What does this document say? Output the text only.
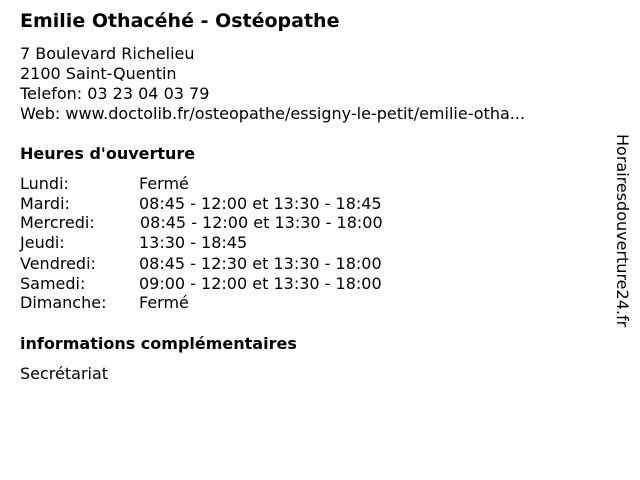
Emilie Othacéhé - Ostéopathe
7 Boulevard Richelieu
2100 Saint-Quentin
Telefon: 03 23 04 03 79
Web: www.doctolib.fr/osteopathe/essigny-le-petit/emilie-otha...
Heures d'ouverture
Lundi:	Fermé
Mardi:	08:45 - 12:00 et 13:30 - 18:45
Mercredi:	08:45 - 12:00 et 13:30 - 18:00
Jeudi:	13:30 - 18:45
Vendredi:	08:45 - 12:30 et 13:30 - 18:00
Samedi:	09:00 - 12:00 et 13:30 - 18:00
Dimanche: Fermé
informations complémentaires
Secrétariat
Horairesdouverture24.fr
